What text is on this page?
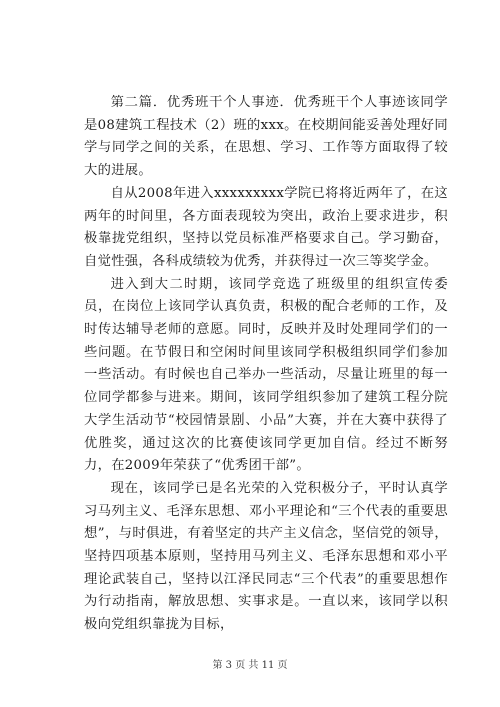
第二篇．优秀班干个人事迹．优秀班干个人事迹该同学是08建筑工程技术（2）班的xxx。在校期间能妥善处理好同学与同学之间的关系，在思想、学习、工作等方面取得了较大的进展。

自从2008年进入xxxxxxxxx学院已将将近两年了，在这两年的时间里，各方面表现较为突出，政治上要求进步，积极靠拢党组织，坚持以党员标准严格要求自己。学习勤奋，自觉性强，各科成绩较为优秀，并获得过一次三等奖学金。

进入到大二时期，该同学竞选了班级里的组织宣传委员，在岗位上该同学认真负责，积极的配合老师的工作，及时传达辅导老师的意愿。同时，反映并及时处理同学们的一些问题。在节假日和空闲时间里该同学积极组织同学们参加一些活动。有时候也自己举办一些活动，尽量让班里的每一位同学都参与进来。期间，该同学组织参加了建筑工程分院大学生活动节“校园情景剧、小品”大赛，并在大赛中获得了优胜奖，通过这次的比赛使该同学更加自信。经过不断努力，在2009年荣获了“优秀团干部”。

现在，该同学已是名光荣的入党积极分子，平时认真学习马列主义、毛泽东思想、邓小平理论和“三个代表的重要思想”，与时俱进，有着坚定的共产主义信念，坚信党的领导，坚持四项基本原则，坚持用马列主义、毛泽东思想和邓小平理论武装自己，坚持以江泽民同志“三个代表”的重要思想作为行动指南，解放思想、实事求是。一直以来，该同学以积极向党组织靠拢为目标，

第 3 页 共 11 页
